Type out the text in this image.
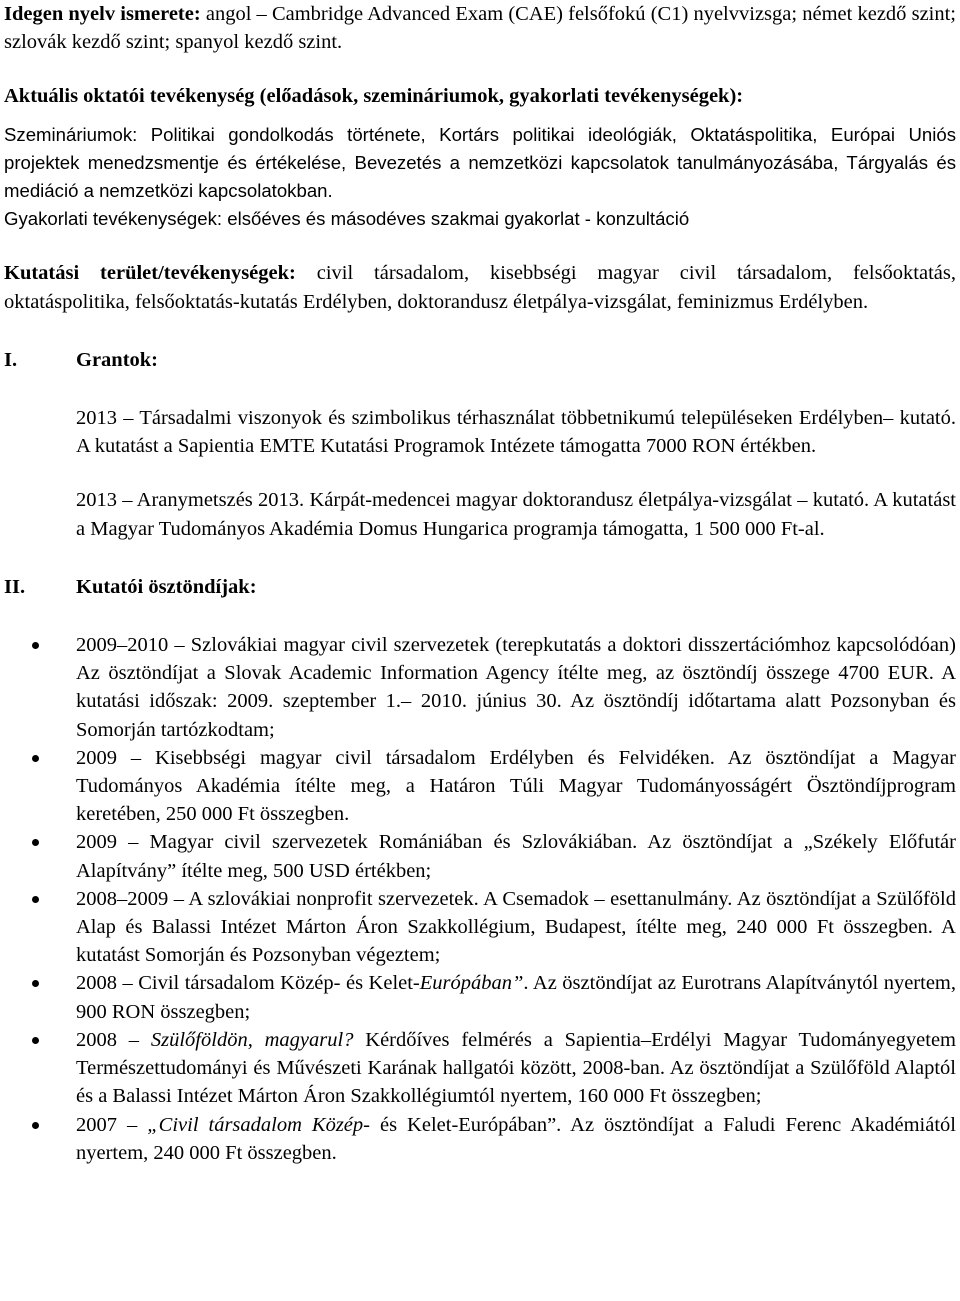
Idegen nyelv ismerete: angol – Cambridge Advanced Exam (CAE) felsőfokú (C1) nyelvvizsga; német kezdő szint; szlovák kezdő szint; spanyol kezdő szint.

Aktuális oktatói tevékenység (előadások, szemináriumok, gyakorlati tevékenységek):

Szemináriumok: Politikai gondolkodás története, Kortárs politikai ideológiák, Oktatáspolitika, Európai Uniós projektek menedzsmentje és értékelése, Bevezetés a nemzetközi kapcsolatok tanulmányozásába, Tárgyalás és mediáció a nemzetközi kapcsolatokban.

Gyakorlati tevékenységek: elsőéves és másodéves szakmai gyakorlat - konzultáció

Kutatási terület/tevékenységek: civil társadalom, kisebbségi magyar civil társadalom, felsőoktatás, oktatáspolitika, felsőoktatás-kutatás Erdélyben, doktorandusz életpálya-vizsgálat, feminizmus Erdélyben.

I.	Grantok:

2013 – Társadalmi viszonyok és szimbolikus térhasználat többetnikumú településeken Erdélyben– kutató. A kutatást a Sapientia EMTE Kutatási Programok Intézete támogatta 7000 RON értékben.

2013 – Aranymetszés 2013. Kárpát-medencei magyar doktorandusz életpálya-vizsgálat – kutató. A kutatást a Magyar Tudományos Akadémia Domus Hungarica programja támogatta, 1 500 000 Ft-al.

II.	Kutatói ösztöndíjak:
2009–2010 – Szlovákiai magyar civil szervezetek (terepkutatás a doktori disszertációmhoz kapcsolódóan) Az ösztöndíjat a Slovak Academic Information Agency ítélte meg, az ösztöndíj összege 4700 EUR. A kutatási időszak: 2009. szeptember 1.– 2010. június 30. Az ösztöndíj időtartama alatt Pozsonyban és Somorján tartózkodtam;
2009 – Kisebbségi magyar civil társadalom Erdélyben és Felvidéken. Az ösztöndíjat a Magyar Tudományos Akadémia ítélte meg, a Határon Túli Magyar Tudományosságért Ösztöndíjprogram keretében, 250 000 Ft összegben.
2009 – Magyar civil szervezetek Romániában és Szlovákiában. Az ösztöndíjat a „Székely Előfutár Alapítvány” ítélte meg, 500 USD értékben;
2008–2009 – A szlovákiai nonprofit szervezetek. A Csemadok – esettanulmány. Az ösztöndíjat a Szülőföld Alap és Balassi Intézet Márton Áron Szakkollégium, Budapest, ítélte meg, 240 000 Ft összegben. A kutatást Somorján és Pozsonyban végeztem;
2008 – Civil társadalom Közép- és Kelet-Európában”. Az ösztöndíjat az Eurotrans Alapítványtól nyertem, 900 RON összegben;
2008 – Szülőföldön, magyarul? Kérdőíves felmérés a Sapientia–Erdélyi Magyar Tudományegyetem Természettudományi és Művészeti Karának hallgatói között, 2008-ban. Az ösztöndíjat a Szülőföld Alaptól és a Balassi Intézet Márton Áron Szakkollégiumtól nyertem, 160 000 Ft összegben;
2007 – „Civil társadalom Közép- és Kelet-Európában”. Az ösztöndíjat a Faludi Ferenc Akadémiától nyertem, 240 000 Ft összegben.
